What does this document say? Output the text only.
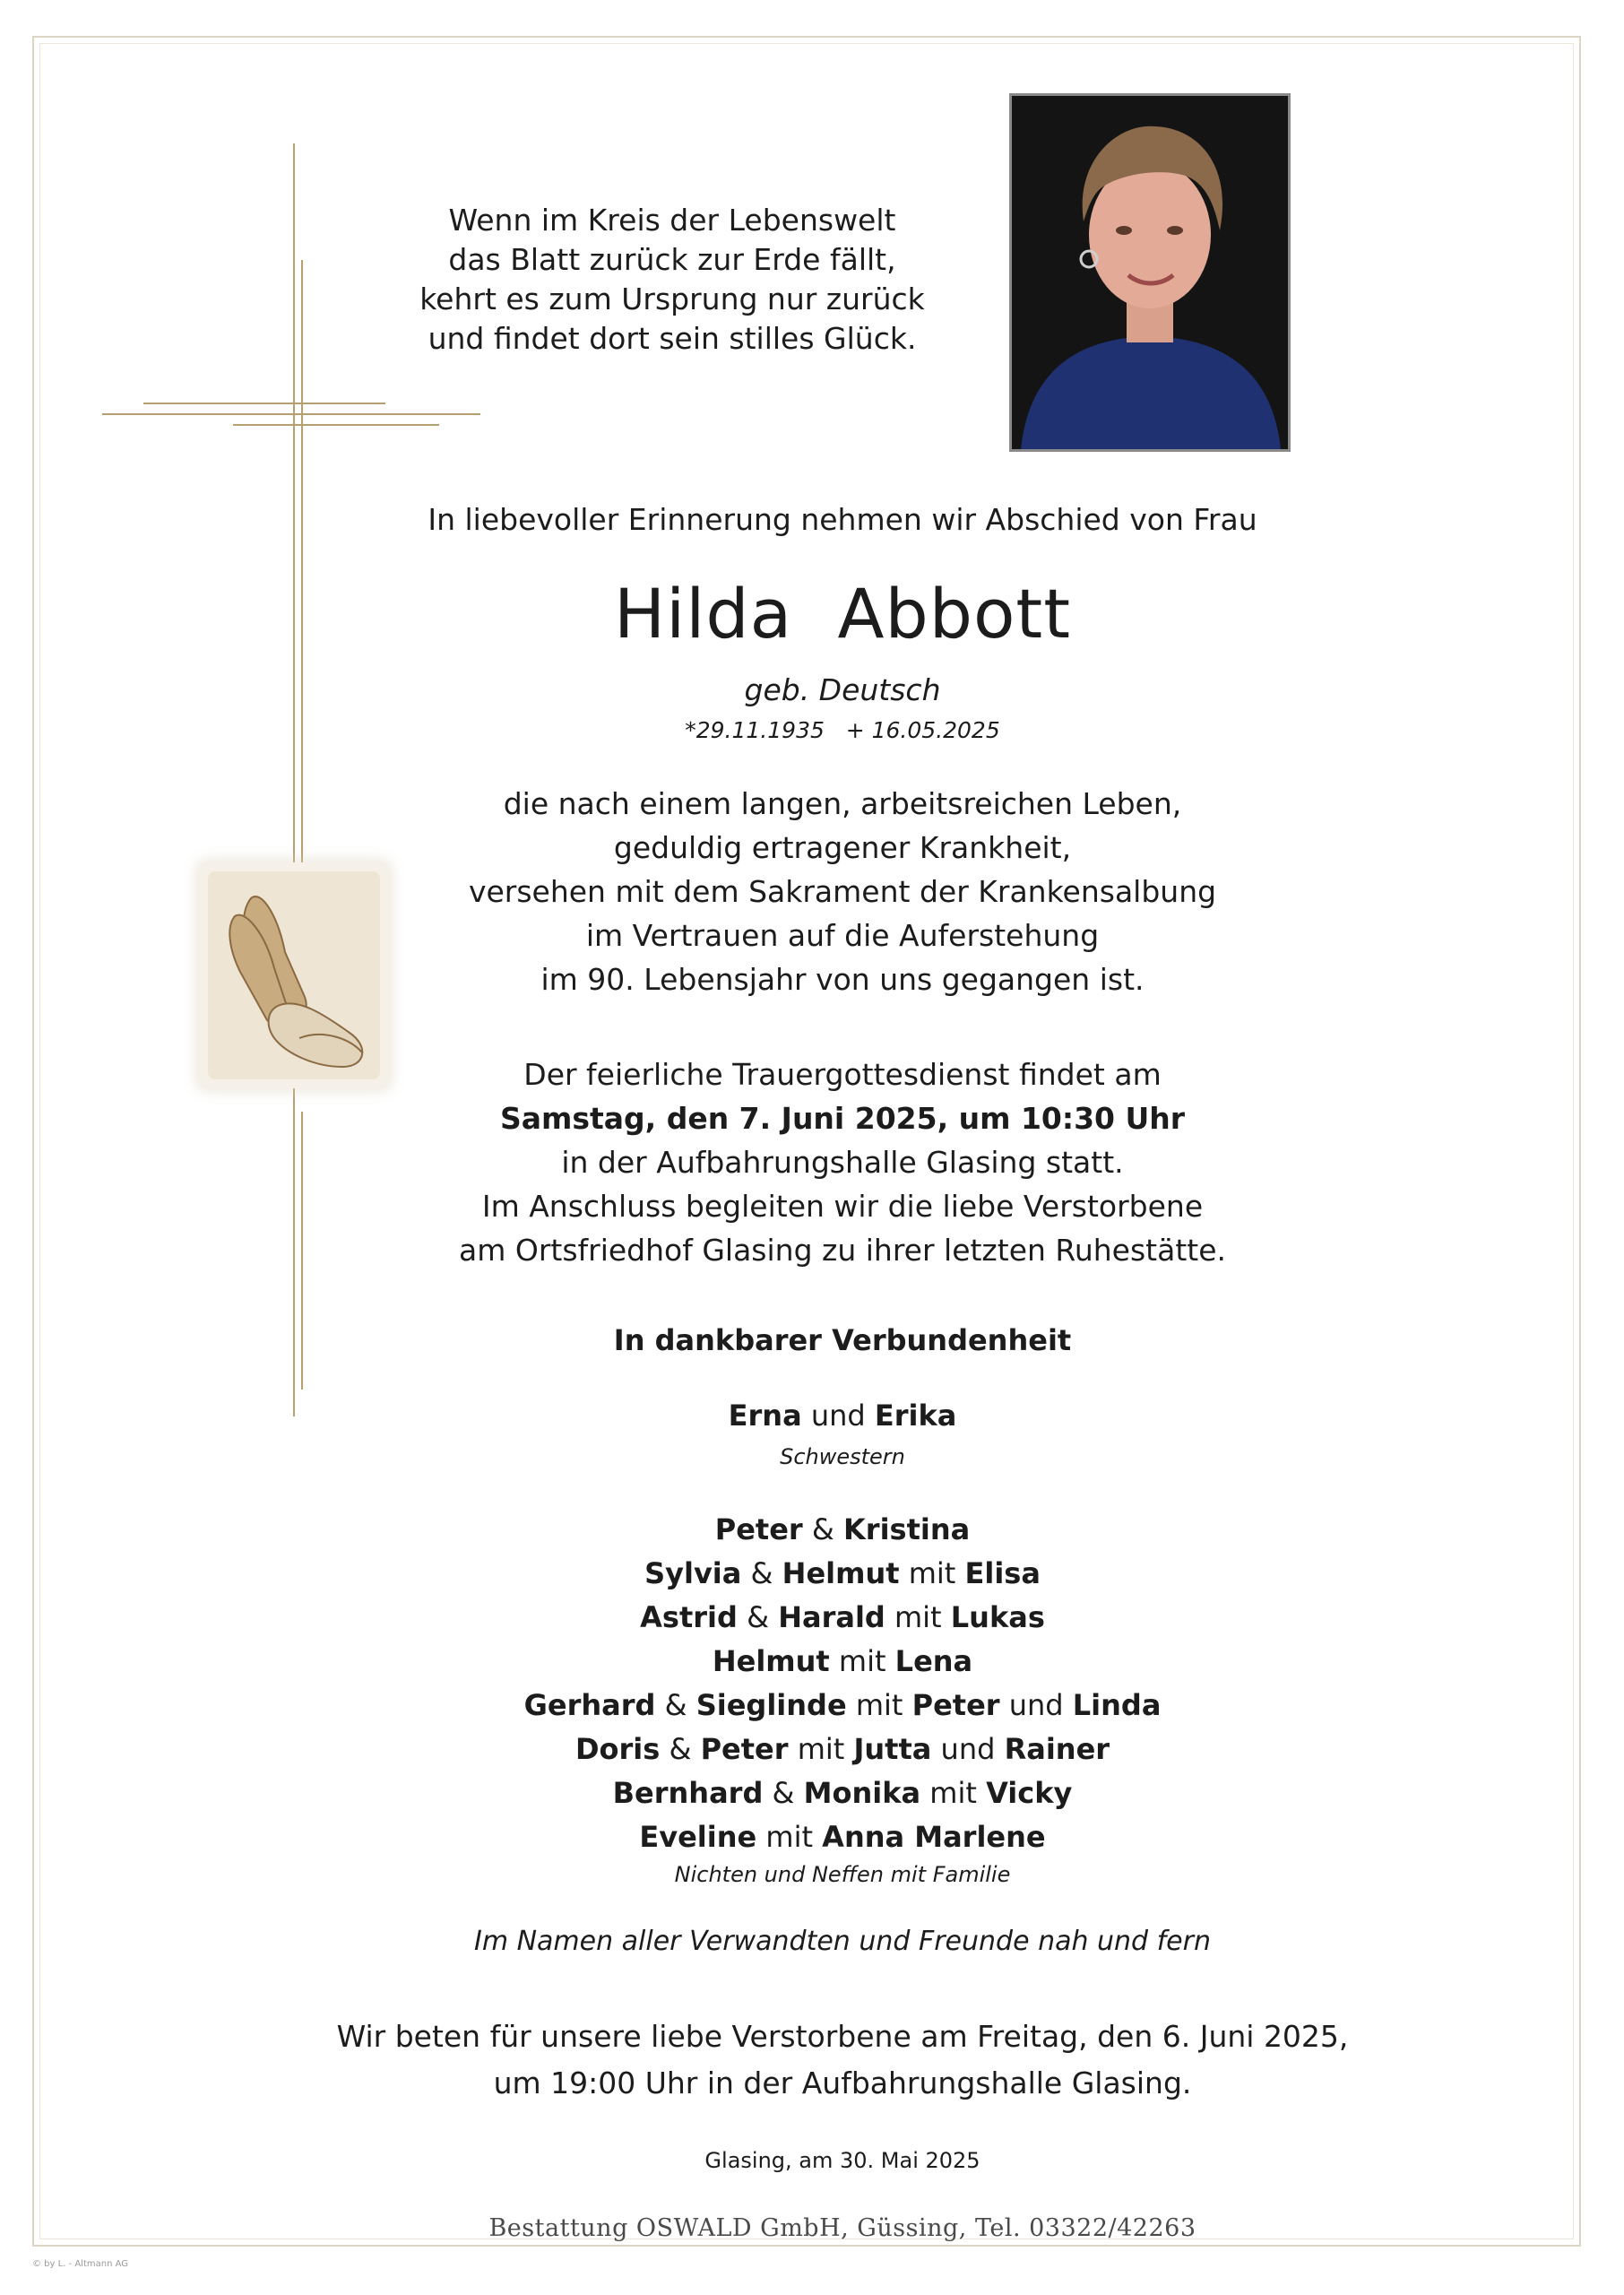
Wenn im Kreis der Lebenswelt
das Blatt zurück zur Erde fällt,
kehrt es zum Ursprung nur zurück
und findet dort sein stilles Glück.
In liebevoller Erinnerung nehmen wir Abschied von Frau
Hilda  Abbott
geb. Deutsch
*29.11.1935   + 16.05.2025
die nach einem langen, arbeitsreichen Leben,
geduldig ertragener Krankheit,
versehen mit dem Sakrament der Krankensalbung
im Vertrauen auf die Auferstehung
im 90. Lebensjahr von uns gegangen ist.
Der feierliche Trauergottesdienst findet am
Samstag, den 7. Juni 2025, um 10:30 Uhr
in der Aufbahrungshalle Glasing statt.
Im Anschluss begleiten wir die liebe Verstorbene
am Ortsfriedhof Glasing zu ihrer letzten Ruhestätte.
In dankbarer Verbundenheit
Erna und Erika
Schwestern
Peter & Kristina
Sylvia & Helmut mit Elisa
Astrid & Harald mit Lukas
Helmut mit Lena
Gerhard & Sieglinde mit Peter und Linda
Doris & Peter mit Jutta und Rainer
Bernhard & Monika mit Vicky
Eveline mit Anna Marlene
Nichten und Neffen mit Familie
Im Namen aller Verwandten und Freunde nah und fern
Wir beten für unsere liebe Verstorbene am Freitag, den 6. Juni 2025,
um 19:00 Uhr in der Aufbahrungshalle Glasing.
Glasing, am 30. Mai 2025
Bestattung OSWALD GmbH, Güssing, Tel. 03322/42263
© by L. - Altmann AG
